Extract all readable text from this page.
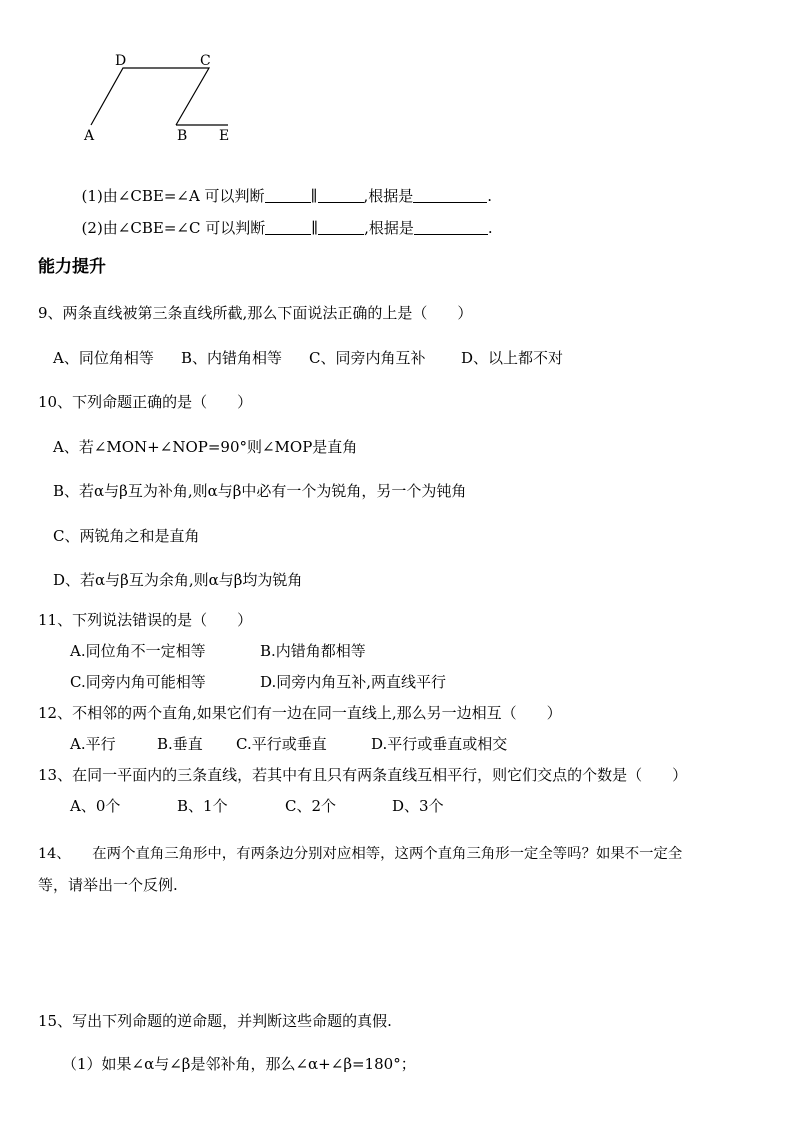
D	C
A	B E

(1)由∠CBE=∠A 可以判断	∥	,根据是	.

(2)由∠CBE=∠C 可以判断	∥	,根据是	.

能力提升
9、两条直线被第三条直线所截,那么下面说法正确的上是（　　）
A、同位角相等 B、内错角相等 C、同旁内角互补 D、以上都不对
10、下列命题正确的是（　　）
A、若∠MON+∠NOP=90°则∠MOP是直角
B、若α与β互为补角,则α与β中必有一个为锐角，另一个为钝角
C、两锐角之和是直角
D、若α与β互为余角,则α与β均为锐角
11、下列说法错误的是（　　）
A.同位角不一定相等	B.内错角都相等
C.同旁内角可能相等	D.同旁内角互补,两直线平行
12、不相邻的两个直角,如果它们有一边在同一直线上,那么另一边相互（　　）
A.平行	B.垂直 C.平行或垂直	D.平行或垂直或相交
13、在同一平面内的三条直线，若其中有且只有两条直线互相平行，则它们交点的个数是（　　）
A、0个	B、1个	C、2个	D、3个
14、　　在两个直角三角形中，有两条边分别对应相等，这两个直角三角形一定全等吗？如果不一定全
等，请举出一个反例.
15、写出下列命题的逆命题，并判断这些命题的真假.
（1）如果∠α与∠β是邻补角，那么∠α+∠β=180°；
